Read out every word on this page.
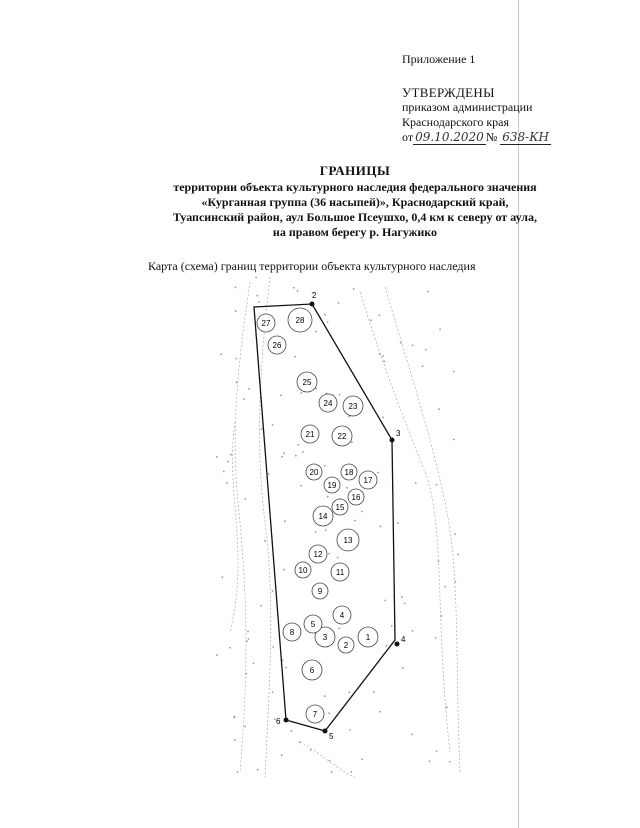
Приложение 1
УТВЕРЖДЕНЫ
приказом администрации
Краснодарского края
от 09.10.2020 № 638-КН
ГРАНИЦЫ
территории объекта культурного наследия федерального значения
«Курганная группа (36 насыпей)», Краснодарский край,
Туапсинский район, аул Большое Псеушхо, 0,4 км к северу от аула,
на правом берегу р. Нагужико
Карта (схема) границ территории объекта культурного наследия
2
3
4
5
6
1
2
3
4
5
6
7
8
9
10	11
12
13
14
15
16
17
18
19
20
21	22
23
24
25
26
27	28
